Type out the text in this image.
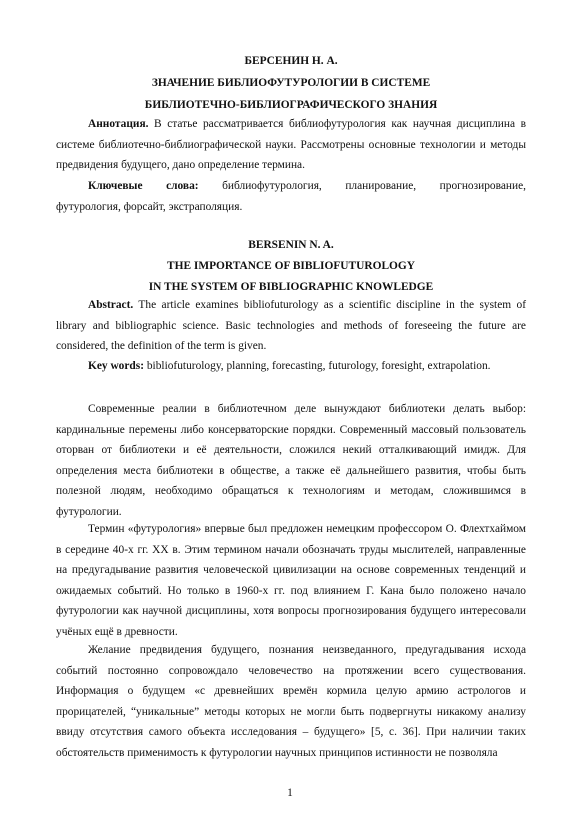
БЕРСЕНИН Н. А.
ЗНАЧЕНИЕ БИБЛИОФУТУРОЛОГИИ В СИСТЕМЕ
БИБЛИОТЕЧНО-БИБЛИОГРАФИЧЕСКОГО ЗНАНИЯ

Аннотация. В статье рассматривается библиофутурология как научная дисциплина в системе библиотечно-библиографической науки. Рассмотрены основные технологии и методы предвидения будущего, дано определение термина.

Ключевые слова: библиофутурология, планирование, прогнозирование,
футурология, форсайт, экстраполяция.
BERSENIN N. A.
THE IMPORTANCE OF BIBLIOFUTUROLOGY
IN THE SYSTEM OF BIBLIOGRAPHIC KNOWLEDGE

Abstract. The article examines bibliofuturology as a scientific discipline in the system of library and bibliographic science. Basic technologies and methods of foreseeing the future are considered, the definition of the term is given.

Key words: bibliofuturology, planning, forecasting, futurology, foresight, extrapolation.

Современные реалии в библиотечном деле вынуждают библиотеки делать выбор: кардинальные перемены либо консерваторские порядки. Современный массовый пользователь оторван от библиотеки и её деятельности, сложился некий отталкивающий имидж. Для определения места библиотеки в обществе, а также её дальнейшего развития, чтобы быть полезной людям, необходимо обращаться к технологиям и методам, сложившимся в футурологии.

Термин «футурология» впервые был предложен немецким профессором О. Флехтхаймом в середине 40-х гг. XX в. Этим термином начали обозначать труды мыслителей, направленные на предугадывание развития человеческой цивилизации на основе современных тенденций и ожидаемых событий. Но только в 1960-х гг. под влиянием Г. Кана было положено начало футурологии как научной дисциплины, хотя вопросы прогнозирования будущего интересовали учёных ещё в древности.

Желание предвидения будущего, познания неизведанного, предугадывания исхода событий постоянно сопровождало человечество на протяжении всего существования. Информация о будущем «с древнейших времён кормила целую армию астрологов и прорицателей, “уникальные” методы которых не могли быть подвергнуты никакому анализу ввиду отсутствия самого объекта исследования – будущего» [5, с. 36]. При наличии таких обстоятельств применимость к футурологии научных принципов истинности не позволяла

1
